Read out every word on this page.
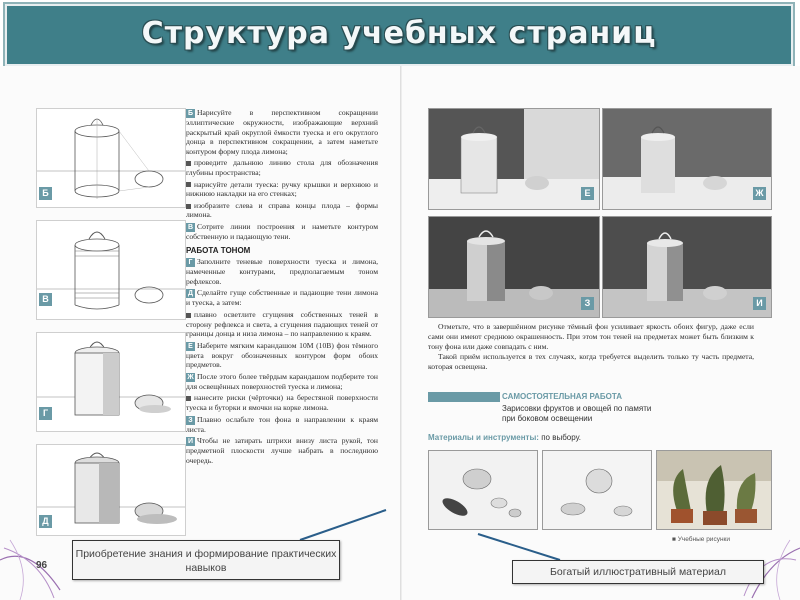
Структура учебных страниц
Б
В
Г
Д

Б Нарисуйте в перспективном сокращении эллиптические окружности, изображающие верхний раскрытый край округлой ёмкости туеска и его округлого донца в перспективном сокращении, а затем наметьте контуром форму плода лимона;

проведите дальнюю линию стола для обозначения глубины пространства;

нарисуйте детали туеска: ручку крышки и верхнюю и нижнюю накладки на его стенках;

изобразите слева и справа концы плода – формы лимона.

В Сотрите линии построения и наметьте контуром собственную и падающую тени.

РАБОТА ТОНОМ

Г Заполните теневые поверхности туеска и лимона, намеченные контурами, предполагаемым тоном рефлексов.

Д Сделайте гуще собственные и падающие тени лимона и туеска, а затем:

плавно осветлите сгущения собственных теней в сторону рефлекса и света, а сгущения падающих теней от границы донца и низа лимона – по направлению к краям.

Е Наберите мягким карандашом 10М (10В) фон тёмного цвета вокруг обозначенных контуром форм обоих предметов.

Ж После этого более твёрдым карандашом подберите тон для освещённых поверхностей туеска и лимона;

нанесите риски (чёрточки) на берестяной поверхности туеска и буторки и ямочки на корке лимона.

З Плавно ослабьте тон фона в направлении к краям листа.

И Чтобы не затирать штрихи внизу листа рукой, тон предметной плоскости лучше набрать в последнюю очередь.

Е	Ж
З	И

Отметьте, что в завершённом рисунке тёмный фон усиливает яркость обоих фигур, даже если сами они имеют среднюю окрашенность. При этом тон теней на предметах может быть близким к тону фона или даже совпадать с ним.

Такой приём используется в тех случаях, когда требуется выделить только ту часть предмета, которая освещена.

САМОСТОЯТЕЛЬНАЯ РАБОТА
Зарисовки фруктов и овощей по памяти
при боковом освещении
Материалы и инструменты: по выбору.
■ Учебные рисунки
96
Приобретение знания и формирование практических навыков	Богатый иллюстративный материал
